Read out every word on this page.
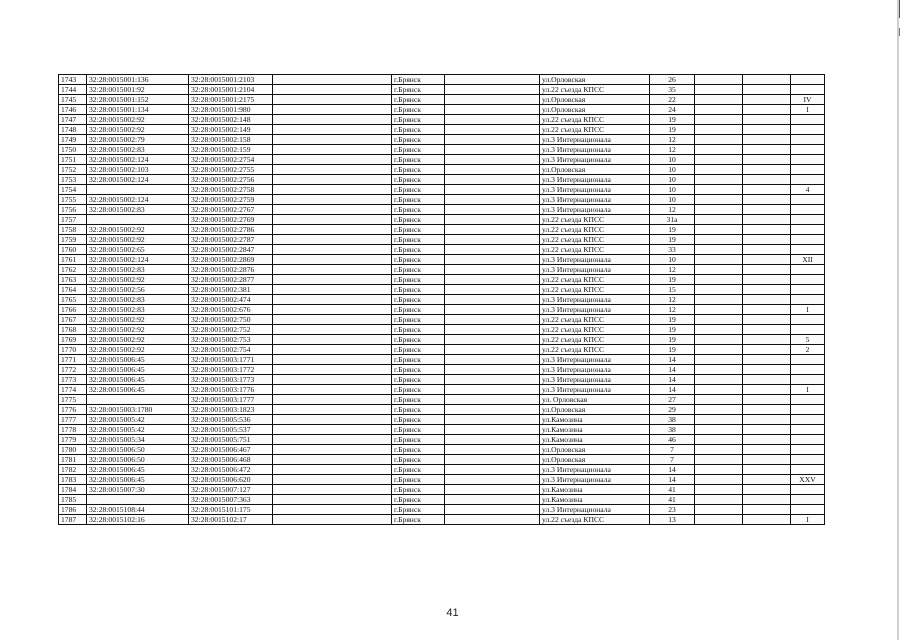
1743	32:28:0015001:136	32:28:0015001:2103		г.Брянск		ул.Орловская	26			
1744	32:28:0015001:92	32:28:0015001:2104		г.Брянск		ул.22 съезда КПСС	35			
1745	32:28:0015001:152	32:28:0015001:2175		г.Брянск		ул.Орловская	22			IV
1746	32:28:0015001:134	32:28:0015001:980		г.Брянск		ул.Орловская	24			I
1747	32:28:0015002:92	32:28:0015002:148		г.Брянск		ул.22 съезда КПСС	19			
1748	32:28:0015002:92	32:28:0015002:149		г.Брянск		ул.22 съезда КПСС	19			
1749	32:28:0015002:79	32:28:0015002:158		г.Брянск		ул.3 Интернационала	12			
1750	32:28:0015002:83	32:28:0015002:159		г.Брянск		ул.3 Интернационала	12			
1751	32:28:0015002:124	32:28:0015002:2754		г.Брянск		ул.3 Интернационала	10			
1752	32:28:0015002:103	32:28:0015002:2755		г.Брянск		ул.Орловская	10			
1753	32:28:0015002:124	32:28:0015002:2756		г.Брянск		ул.3 Интернационала	10			
1754		32:28:0015002:2758		г.Брянск		ул.3 Интернационала	10			4
1755	32:28:0015002:124	32:28:0015002:2759		г.Брянск		ул.3 Интернационала	10			
1756	32:28:0015002:83	32:28:0015002:2767		г.Брянск		ул.3 Интернационала	12			
1757		32:28:0015002:2769		г.Брянск		ул.22 съезда КПСС	31а			
1758	32:28:0015002:92	32:28:0015002:2786		г.Брянск		ул.22 съезда КПСС	19			
1759	32:28:0015002:92	32:28:0015002:2787		г.Брянск		ул.22 съезда КПСС	19			
1760	32:28:0015002:65	32:28:0015002:2847		г.Брянск		ул.22 съезда КПСС	33			
1761	32:28:0015002:124	32:28:0015002:2869		г.Брянск		ул.3 Интернационала	10			XII
1762	32:28:0015002:83	32:28:0015002:2876		г.Брянск		ул.3 Интернационала	12			
1763	32:28:0015002:92	32:28:0015002:2877		г.Брянск		ул.22 съезда КПСС	19			
1764	32:28:0015002:56	32:28:0015002:381		г.Брянск		ул.22 съезда КПСС	15			
1765	32:28:0015002:83	32:28:0015002:474		г.Брянск		ул.3 Интернационала	12			
1766	32:28:0015002:83	32:28:0015002:676		г.Брянск		ул.3 Интернационала	12			I
1767	32:28:0015002:92	32:28:0015002:750		г.Брянск		ул.22 съезда КПСС	19			
1768	32:28:0015002:92	32:28:0015002:752		г.Брянск		ул.22 съезда КПСС	19			
1769	32:28:0015002:92	32:28:0015002:753		г.Брянск		ул.22 съезда КПСС	19			5
1770	32:28:0015002:92	32:28:0015002:754		г.Брянск		ул.22 съезда КПСС	19			2
1771	32:28:0015006:45	32:28:0015003:1771		г.Брянск		ул.3 Интернационала	14			
1772	32:28:0015006:45	32:28:0015003:1772		г.Брянск		ул.3 Интернационала	14			
1773	32:28:0015006:45	32:28:0015003:1773		г.Брянск		ул.3 Интернационала	14			
1774	32:28:0015006:45	32:28:0015003:1776		г.Брянск		ул.3 Интернационала	14			I
1775		32:28:0015003:1777		г.Брянск		ул. Орловская	27			
1776	32:28:0015003:1780	32:28:0015003:1823		г.Брянск		ул.Орловская	29			
1777	32:28:0015005:42	32:28:0015005:536		г.Брянск		ул.Камозина	38			
1778	32:28:0015005:42	32:28:0015005:537		г.Брянск		ул.Камозина	38			
1779	32:28:0015005:34	32:28:0015005:751		г.Брянск		ул.Камозина	46			
1780	32:28:0015006:50	32:28:0015006:467		г.Брянск		ул.Орловская	7			
1781	32:28:0015006:50	32:28:0015006:468		г.Брянск		ул.Орловская	7			
1782	32:28:0015006:45	32:28:0015006:472		г.Брянск		ул.3 Интернационала	14			
1783	32:28:0015006:45	32:28:0015006:620		г.Брянск		ул.3 Интернационала	14			XXV
1784	32:28:0015007:30	32:28:0015007:127		г.Брянск		ул.Камозина	41			
1785		32:28:0015007:363		г.Брянск		ул.Камозина	41			
1786	32:28:0015108:44	32:28:0015101:175		г.Брянск		ул.3 Интернационала	23			
1787	32:28:0015102:16	32:28:0015102:17		г.Брянск		ул.22 съезда КПСС	13			I
41
